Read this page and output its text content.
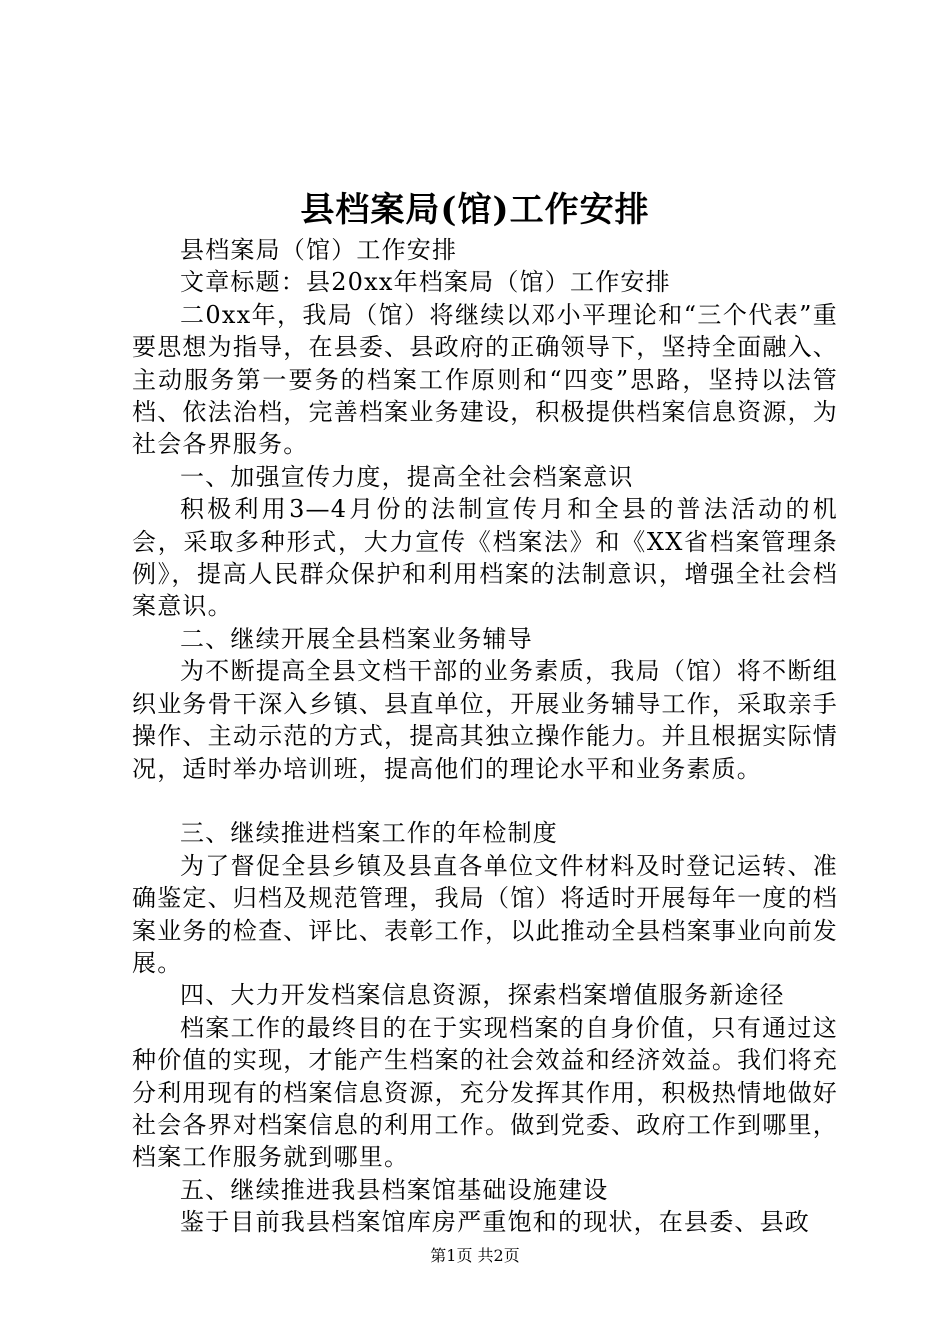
县档案局(馆)工作安排

县档案局（馆）工作安排

文章标题：县20xx年档案局（馆）工作安排

二0xx年，我局（馆）将继续以邓小平理论和“三个代表”重要思想为指导，在县委、县政府的正确领导下，坚持全面融入、主动服务第一要务的档案工作原则和“四变”思路，坚持以法管档、依法治档，完善档案业务建设，积极提供档案信息资源，为社会各界服务。

一、加强宣传力度，提高全社会档案意识

积极利用3—4月份的法制宣传月和全县的普法活动的机会，采取多种形式，大力宣传《档案法》和《XX省档案管理条例》，提高人民群众保护和利用档案的法制意识，增强全社会档案意识。

二、继续开展全县档案业务辅导

为不断提高全县文档干部的业务素质，我局（馆）将不断组织业务骨干深入乡镇、县直单位，开展业务辅导工作，采取亲手操作、主动示范的方式，提高其独立操作能力。并且根据实际情况，适时举办培训班，提高他们的理论水平和业务素质。

三、继续推进档案工作的年检制度

为了督促全县乡镇及县直各单位文件材料及时登记运转、准确鉴定、归档及规范管理，我局（馆）将适时开展每年一度的档案业务的检查、评比、表彰工作，以此推动全县档案事业向前发展。

四、大力开发档案信息资源，探索档案增值服务新途径

档案工作的最终目的在于实现档案的自身价值，只有通过这种价值的实现，才能产生档案的社会效益和经济效益。我们将充分利用现有的档案信息资源，充分发挥其作用，积极热情地做好社会各界对档案信息的利用工作。做到党委、政府工作到哪里，档案工作服务就到哪里。

五、继续推进我县档案馆基础设施建设

鉴于目前我县档案馆库房严重饱和的现状，在县委、县政

第1页 共2页
